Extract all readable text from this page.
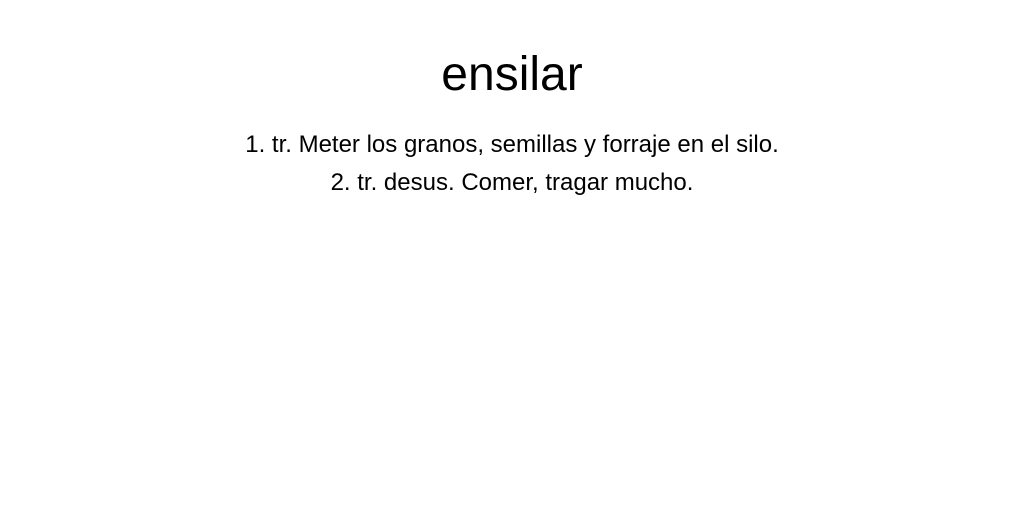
ensilar
1. tr. Meter los granos, semillas y forraje en el silo.
2. tr. desus. Comer, tragar mucho.
